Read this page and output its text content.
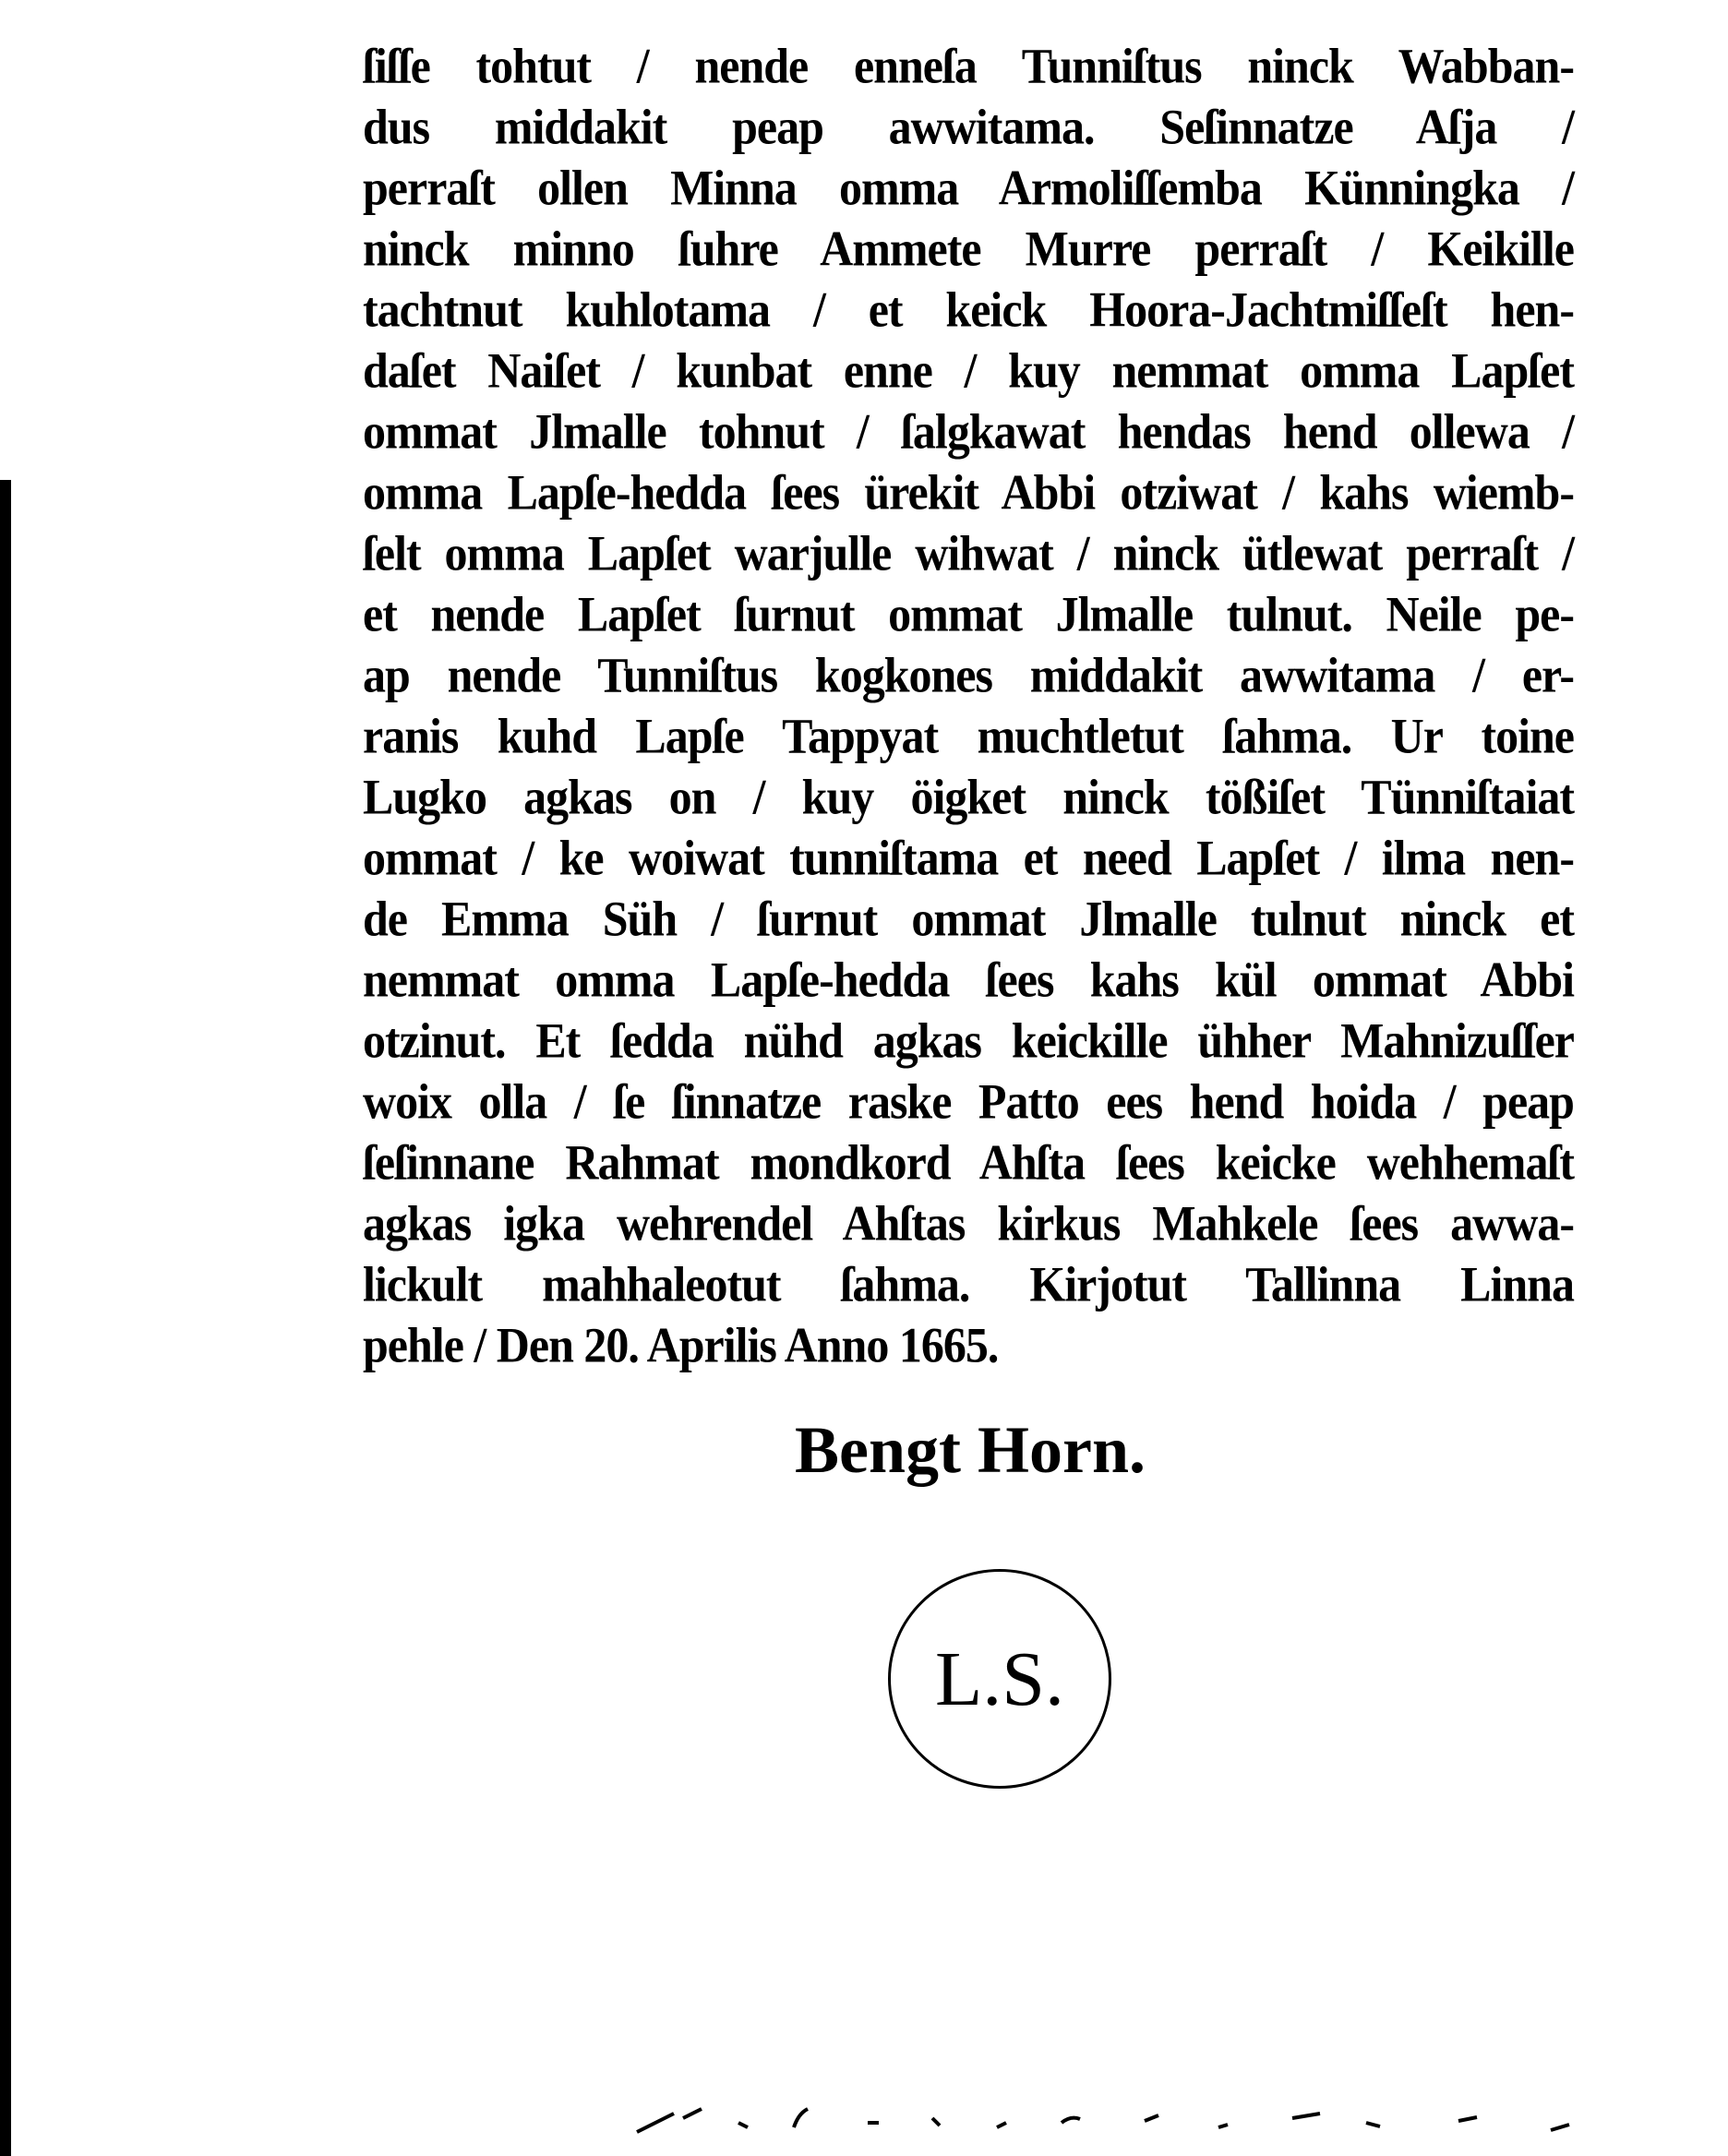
ſiſſe tohtut / nende enneſa Tunniſtus ninck Wabban-
dus middakit peap awwitama. Seſinnatze Aſja /
perraſt ollen Minna omma Armoliſſemba Künningka /
ninck minno ſuhre Ammete Murre perraſt / Keikille
tachtnut kuhlotama / et keick Hoora-Jachtmiſſeſt hen-
daſet Naiſet / kunbat enne / kuy nemmat omma Lapſet
ommat Jlmalle tohnut / ſalgkawat hendas hend ollewa /
omma Lapſe-hedda ſees ürekit Abbi otziwat / kahs wiemb-
ſelt omma Lapſet warjulle wihwat / ninck ütlewat perraſt /
et nende Lapſet ſurnut ommat Jlmalle tulnut. Neile pe-
ap nende Tunniſtus kogkones middakit awwitama / er-
ranis kuhd Lapſe Tappyat muchtletut ſahma. Ur toine
Lugko agkas on / kuy öigket ninck tößiſet Tünniſtaiat
ommat / ke woiwat tunniſtama et need Lapſet / ilma nen-
de Emma Süh / ſurnut ommat Jlmalle tulnut ninck et
nemmat omma Lapſe-hedda ſees kahs kül ommat Abbi
otzinut. Et ſedda nühd agkas keickille ühher Mahnizuſſer
woix olla / ſe ſinnatze raske Patto ees hend hoida / peap
ſeſinnane Rahmat mondkord Ahſta ſees keicke wehhemaſt
agkas igka wehrendel Ahſtas kirkus Mahkele ſees awwa-
lickult mahhaleotut ſahma. Kirjotut Tallinna Linna
pehle / Den 20. Aprilis Anno 1665.
Bengt Horn.
L.S.
